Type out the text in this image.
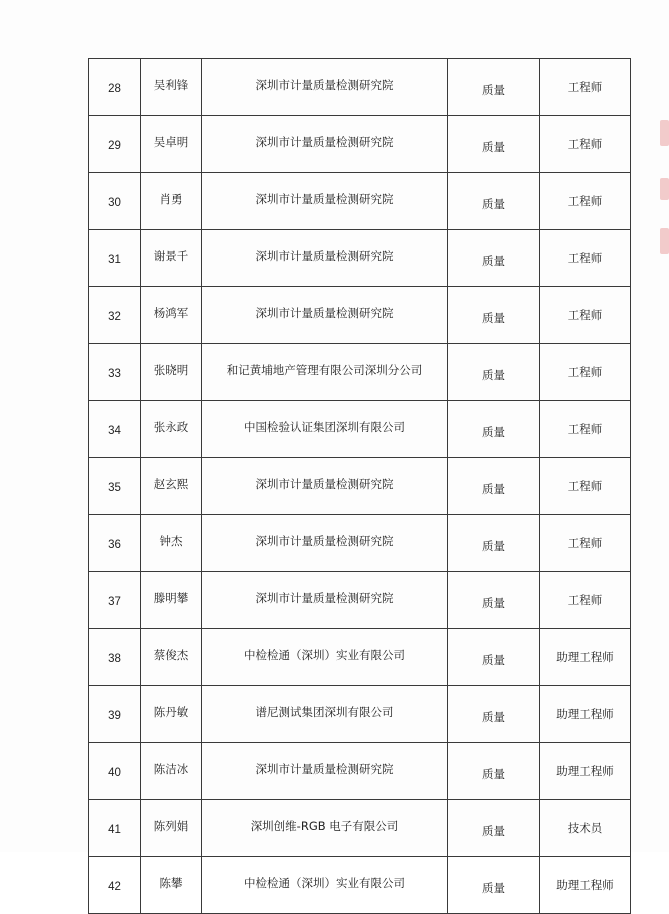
28	吴利锋	深圳市计量质量检测研究院	质量	工程师
29	吴卓明	深圳市计量质量检测研究院	质量	工程师
30	肖勇	深圳市计量质量检测研究院	质量	工程师
31	谢景千	深圳市计量质量检测研究院	质量	工程师
32	杨鸿军	深圳市计量质量检测研究院	质量	工程师
33	张晓明	和记黄埔地产管理有限公司深圳分公司	质量	工程师
34	张永政	中国检验认证集团深圳有限公司	质量	工程师
35	赵玄熙	深圳市计量质量检测研究院	质量	工程师
36	钟杰	深圳市计量质量检测研究院	质量	工程师
37	滕明攀	深圳市计量质量检测研究院	质量	工程师
38	蔡俊杰	中检检通（深圳）实业有限公司	质量	助理工程师
39	陈丹敏	谱尼测试集团深圳有限公司	质量	助理工程师
40	陈洁冰	深圳市计量质量检测研究院	质量	助理工程师
41	陈列娟	深圳创维-RGB 电子有限公司	质量	技术员
42	陈攀	中检检通（深圳）实业有限公司	质量	助理工程师
